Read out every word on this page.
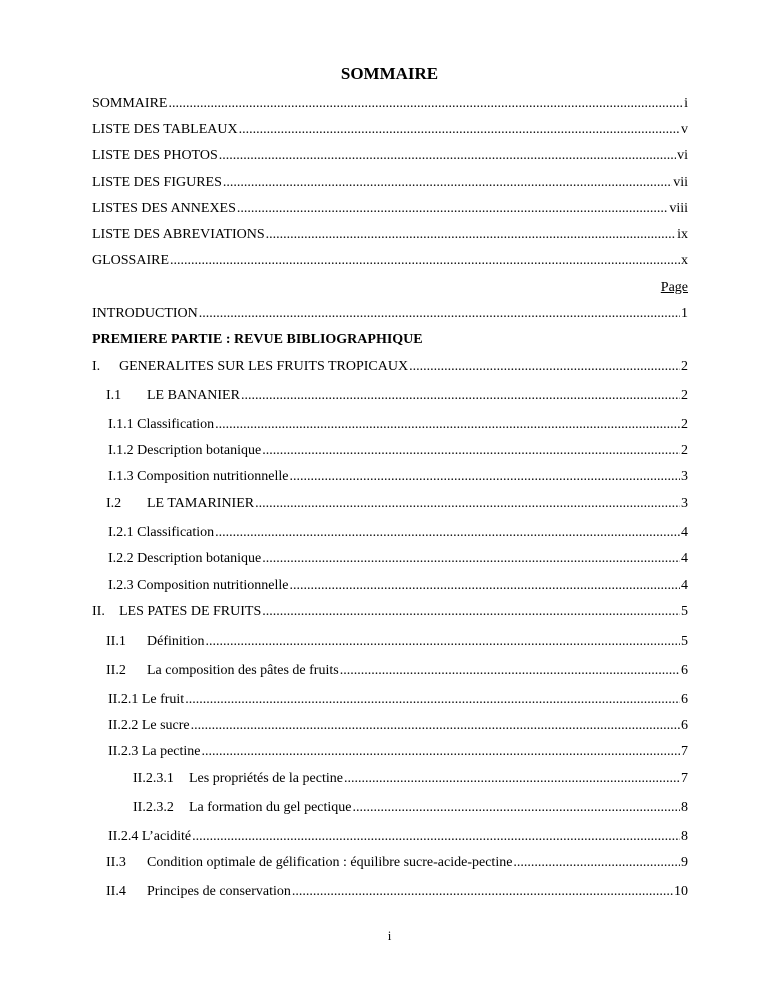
SOMMAIRE
SOMMAIRE .....	i
LISTE DES TABLEAUX .....	v
LISTE DES PHOTOS .....	vi
LISTE DES FIGURES .....	vii
LISTES DES ANNEXES .....	viii
LISTE DES ABREVIATIONS .....	ix
GLOSSAIRE .....	x
Page
INTRODUCTION .....	1
PREMIERE PARTIE : REVUE BIBLIOGRAPHIQUE
I.	GENERALITES SUR LES FRUITS TROPICAUX .....	2
I.1	LE BANANIER .....	2
I.1.1 Classification .....	2
I.1.2 Description botanique .....	2
I.1.3 Composition nutritionnelle .....	3
I.2	LE TAMARINIER .....	3
I.2.1 Classification .....	4
I.2.2 Description botanique .....	4
I.2.3 Composition nutritionnelle .....	4
II.	LES PATES DE FRUITS .....	5
II.1	Définition .....	5
II.2	La composition des pâtes de fruits .....	6
II.2.1 Le fruit .....	6
II.2.2 Le sucre .....	6
II.2.3 La pectine .....	7
II.2.3.1	Les propriétés de la pectine .....	7
II.2.3.2	La formation du gel pectique .....	8
II.2.4 L’acidité .....	8
II.3	Condition optimale de gélification : équilibre sucre-acide-pectine .....	9
II.4	Principes de conservation .....	10
i
